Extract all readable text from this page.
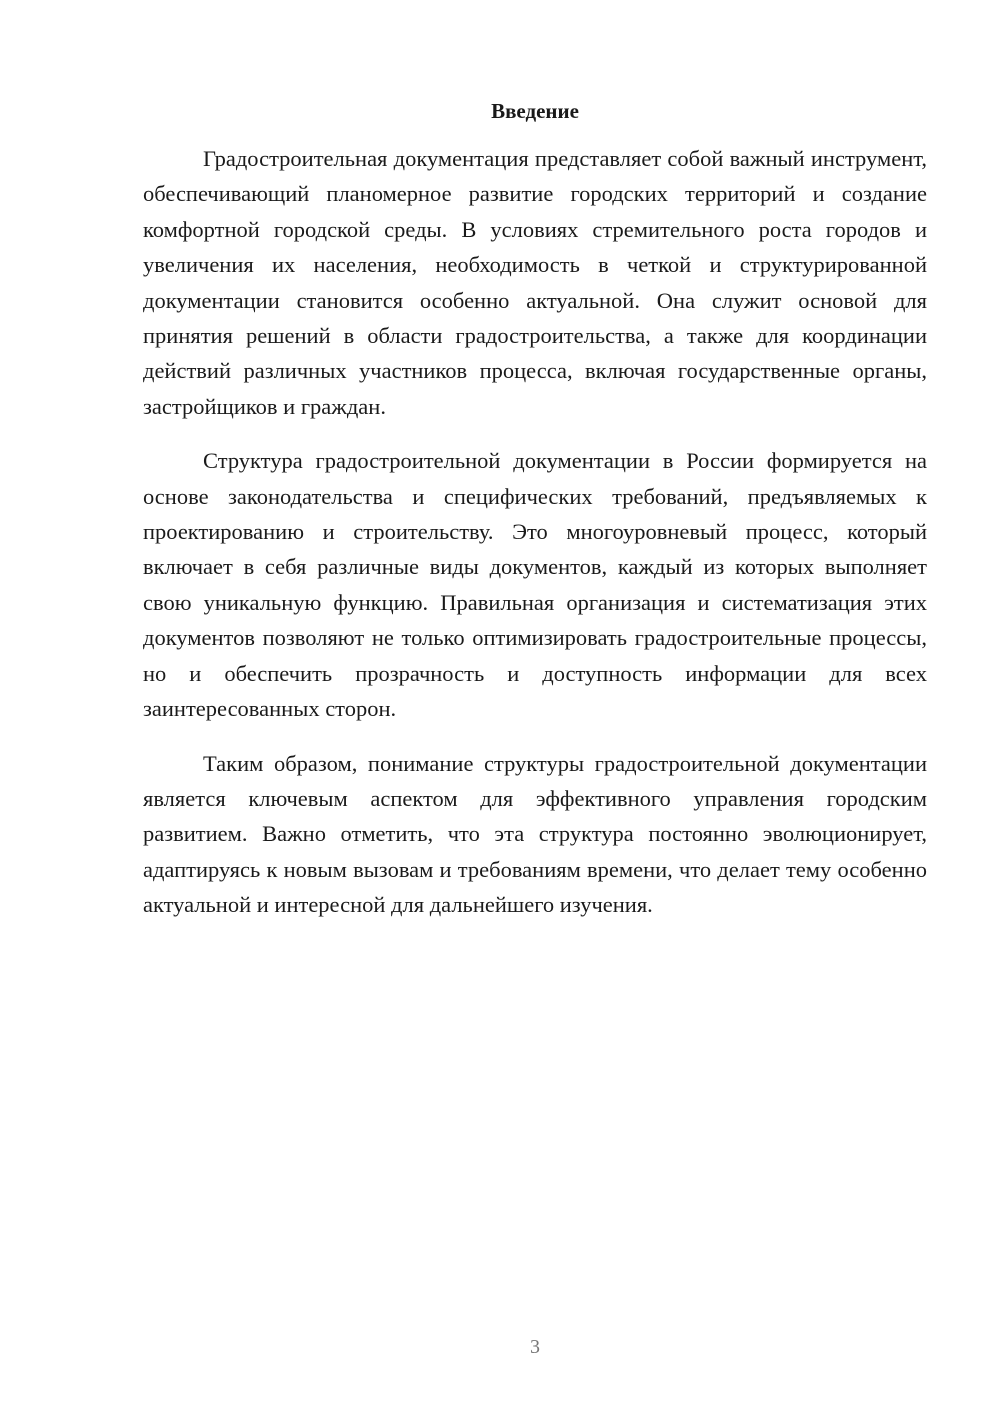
Введение

Градостроительная документация представляет собой важный инструмент, обеспечивающий планомерное развитие городских территорий и создание комфортной городской среды. В условиях стремительного роста городов и увеличения их населения, необходимость в четкой и структурированной документации становится особенно актуальной. Она служит основой для принятия решений в области градостроительства, а также для координации действий различных участников процесса, включая государственные органы, застройщиков и граждан.

Структура градостроительной документации в России формируется на основе законодательства и специфических требований, предъявляемых к проектированию и строительству. Это многоуровневый процесс, который включает в себя различные виды документов, каждый из которых выполняет свою уникальную функцию. Правильная организация и систематизация этих документов позволяют не только оптимизировать градостроительные процессы, но и обеспечить прозрачность и доступность информации для всех заинтересованных сторон.

Таким образом, понимание структуры градостроительной документации является ключевым аспектом для эффективного управления городским развитием. Важно отметить, что эта структура постоянно эволюционирует, адаптируясь к новым вызовам и требованиям времени, что делает тему особенно актуальной и интересной для дальнейшего изучения.

3
